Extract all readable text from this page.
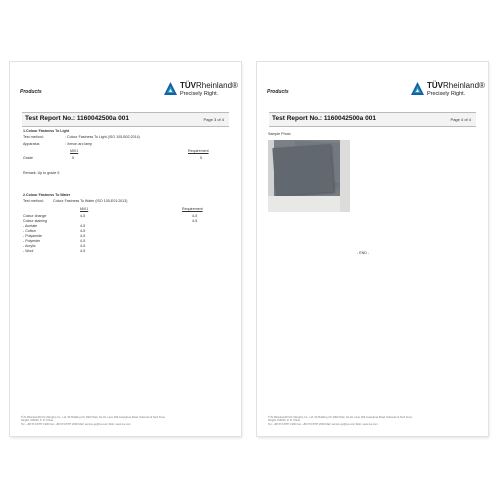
Products
TÜVRheinland®
Precisely Right.
Test Report No.: 1160042500a 001	Page 3 of 4
1.Colour Fastness To Light
Test method:	: Colour Fastness To Light (ISO 105-B02:2014)
Apparatus	: Xenon arc lamp
MiX1	Requirement
Grade	5	5
Remark: Up to grade 5
2.Colour Fastness To Water
Test method:	Colour Fastness To Water (ISO 105-E01:2013)
MiX1	Requirement
Colour change	4-5	4-5
Colour staining	4-5
- Acetate	4-5
- Cotton	4-5
- Polyamide	4-5
- Polyester	4-5
- Acrylic	4-5
- Wool	4-5
TÜV Rheinland/CCIC (Ningbo) Co., Ltd. 9F Building C9, R&D Park, No.32, Lane 299 Guanghua Road, National Hi Tech Zone,
Ningbo 315040, P. R. China
Tel.: +86 574 8787 1300 Fax: +86 574 8787 2000 Mail: service-gc@tuv.com Web: www.tuv.com
Products
TÜVRheinland®
Precisely Right.
Test Report No.: 1160042500a 001	Page 4 of 4
Sample Photo
- END -
TÜV Rheinland/CCIC (Ningbo) Co., Ltd. 9F Building C9, R&D Park, No.32, Lane 299 Guanghua Road, National Hi Tech Zone,
Ningbo 315040, P. R. China
Tel.: +86 574 8787 1300 Fax: +86 574 8787 2000 Mail: service-gc@tuv.com Web: www.tuv.com
